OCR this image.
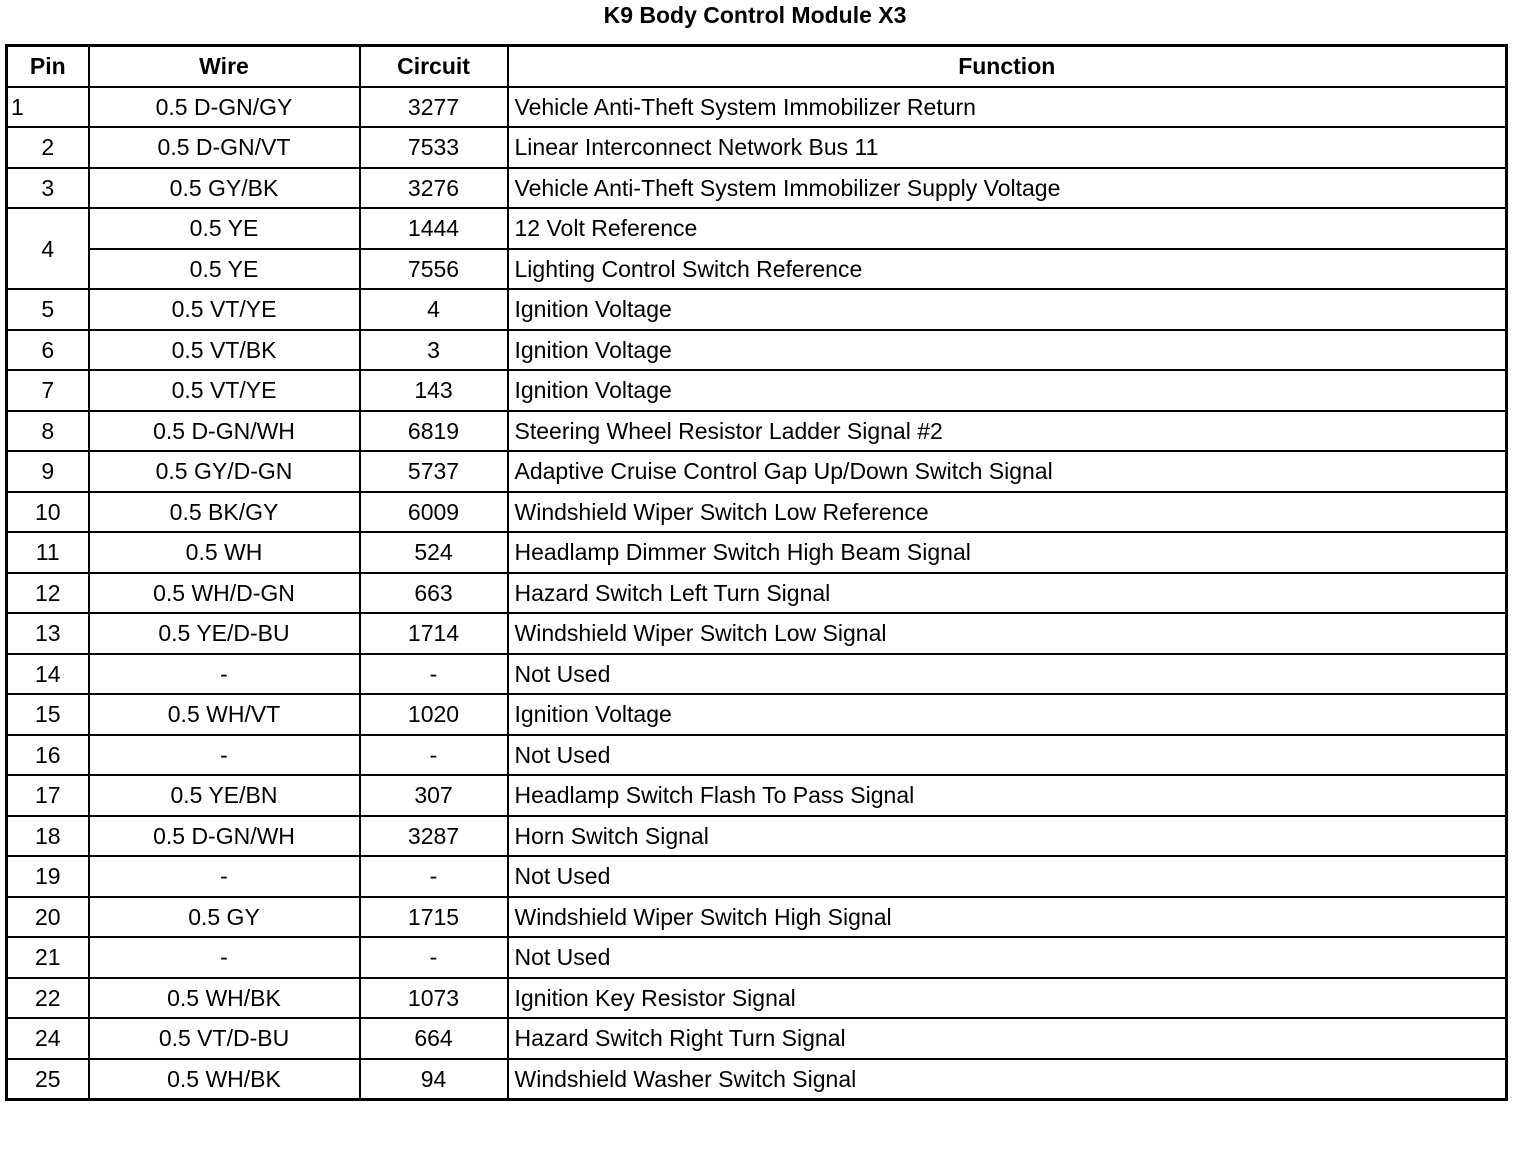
K9 Body Control Module X3
Pin	Wire	Circuit	Function
1	0.5 D-GN/GY	3277	Vehicle Anti-Theft System Immobilizer Return
2	0.5 D-GN/VT	7533	Linear Interconnect Network Bus 11
3	0.5 GY/BK	3276	Vehicle Anti-Theft System Immobilizer Supply Voltage
4	0.5 YE	1444	12 Volt Reference
	0.5 YE	7556	Lighting Control Switch Reference
5	0.5 VT/YE	4	Ignition Voltage
6	0.5 VT/BK	3	Ignition Voltage
7	0.5 VT/YE	143	Ignition Voltage
8	0.5 D-GN/WH	6819	Steering Wheel Resistor Ladder Signal #2
9	0.5 GY/D-GN	5737	Adaptive Cruise Control Gap Up/Down Switch Signal
10	0.5 BK/GY	6009	Windshield Wiper Switch Low Reference
11	0.5 WH	524	Headlamp Dimmer Switch High Beam Signal
12	0.5 WH/D-GN	663	Hazard Switch Left Turn Signal
13	0.5 YE/D-BU	1714	Windshield Wiper Switch Low Signal
14	-	-	Not Used
15	0.5 WH/VT	1020	Ignition Voltage
16	-	-	Not Used
17	0.5 YE/BN	307	Headlamp Switch Flash To Pass Signal
18	0.5 D-GN/WH	3287	Horn Switch Signal
19	-	-	Not Used
20	0.5 GY	1715	Windshield Wiper Switch High Signal
21	-	-	Not Used
22	0.5 WH/BK	1073	Ignition Key Resistor Signal
24	0.5 VT/D-BU	664	Hazard Switch Right Turn Signal
25	0.5 WH/BK	94	Windshield Washer Switch Signal
